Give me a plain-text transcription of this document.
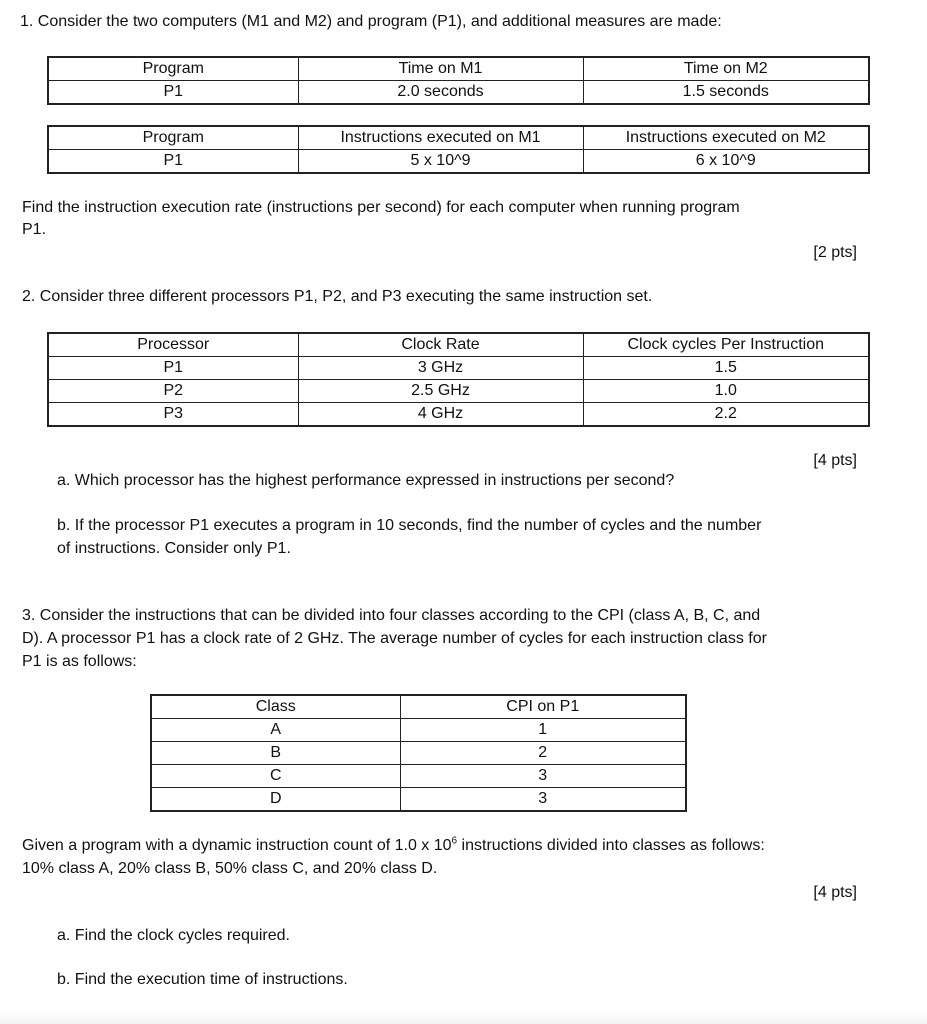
1. Consider the two computers (M1 and M2) and program (P1), and additional measures are made:
Program	Time on M1	Time on M2
P1	2.0 seconds	1.5 seconds
Program	Instructions executed on M1	Instructions executed on M2
P1	5 x 10^9	6 x 10^9
Find the instruction execution rate (instructions per second) for each computer when running program
P1.
[2 pts]
2. Consider three different processors P1, P2, and P3 executing the same instruction set.
Processor	Clock Rate	Clock cycles Per Instruction
P1	3 GHz	1.5
P2	2.5 GHz	1.0
P3	4 GHz	2.2
[4 pts]
a. Which processor has the highest performance expressed in instructions per second?
b. If the processor P1 executes a program in 10 seconds, find the number of cycles and the number
of instructions. Consider only P1.
3. Consider the instructions that can be divided into four classes according to the CPI (class A, B, C, and
D). A processor P1 has a clock rate of 2 GHz. The average number of cycles for each instruction class for
P1 is as follows:
Class	CPI on P1
A	1
B	2
C	3
D	3
Given a program with a dynamic instruction count of 1.0 x $10^6$ instructions divided into classes as follows:
10% class A, 20% class B, 50% class C, and 20% class D.
[4 pts]
a. Find the clock cycles required.
b. Find the execution time of instructions.
